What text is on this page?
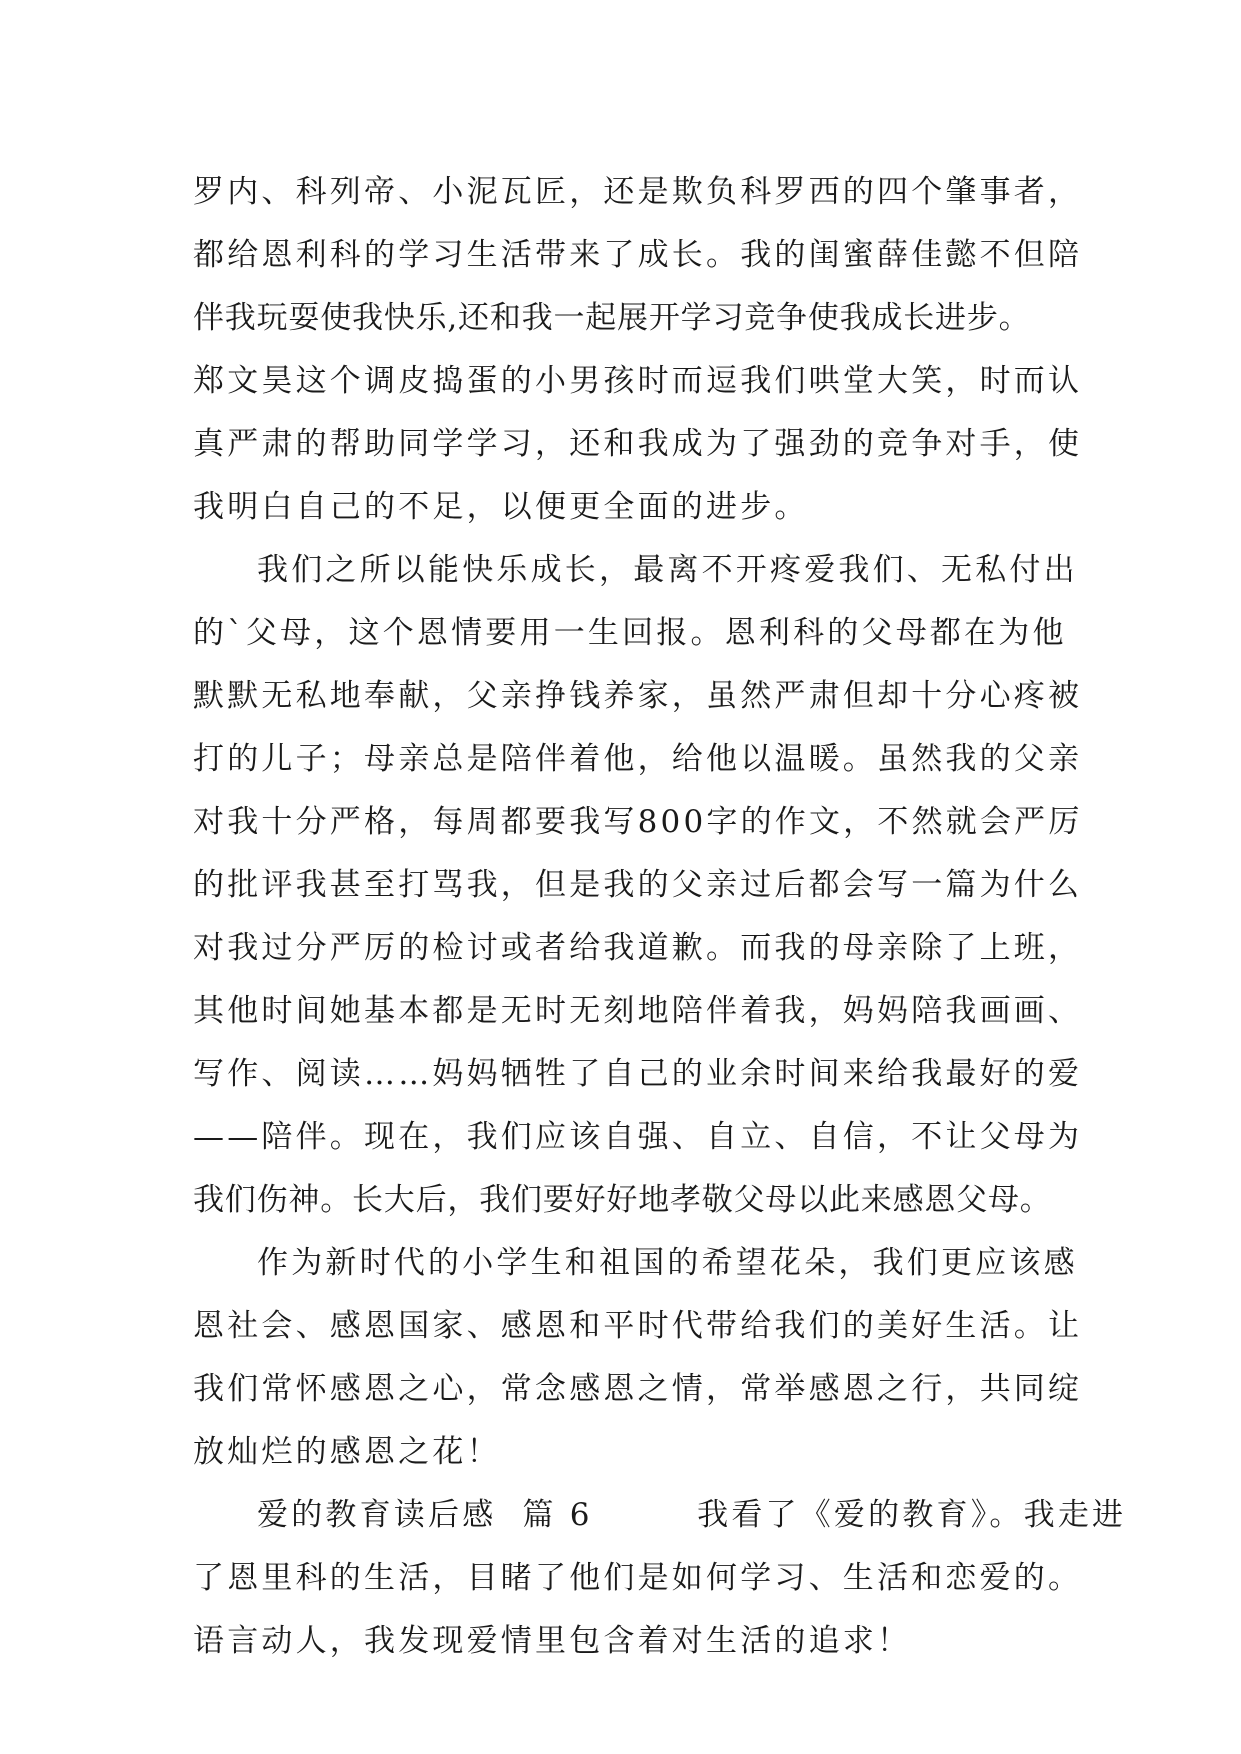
罗内、科列帝、小泥瓦匠，还是欺负科罗西的四个肇事者，
都给恩利科的学习生活带来了成长。我的闺蜜薛佳懿不但陪
伴我玩耍使我快乐,还和我一起展开学习竞争使我成长进步。
郑文昊这个调皮捣蛋的小男孩时而逗我们哄堂大笑，时而认
真严肃的帮助同学学习，还和我成为了强劲的竞争对手，使
我明白自己的不足，以便更全面的进步。
我们之所以能快乐成长，最离不开疼爱我们、无私付出
的`父母，这个恩情要用一生回报。恩利科的父母都在为他
默默无私地奉献，父亲挣钱养家，虽然严肃但却十分心疼被
打的儿子；母亲总是陪伴着他，给他以温暖。虽然我的父亲
对我十分严格，每周都要我写800字的作文，不然就会严厉
的批评我甚至打骂我，但是我的父亲过后都会写一篇为什么
对我过分严厉的检讨或者给我道歉。而我的母亲除了上班，
其他时间她基本都是无时无刻地陪伴着我，妈妈陪我画画、
写作、阅读……妈妈牺牲了自己的业余时间来给我最好的爱
——陪伴。现在，我们应该自强、自立、自信，不让父母为
我们伤神。长大后，我们要好好地孝敬父母以此来感恩父母。
作为新时代的小学生和祖国的希望花朵，我们更应该感
恩社会、感恩国家、感恩和平时代带给我们的美好生活。让
我们常怀感恩之心，常念感恩之情，常举感恩之行，共同绽
放灿烂的感恩之花！
爱的教育读后感  篇 6        我看了《爱的教育》。我走进
了恩里科的生活，目睹了他们是如何学习、生活和恋爱的。
语言动人，我发现爱情里包含着对生活的追求！
